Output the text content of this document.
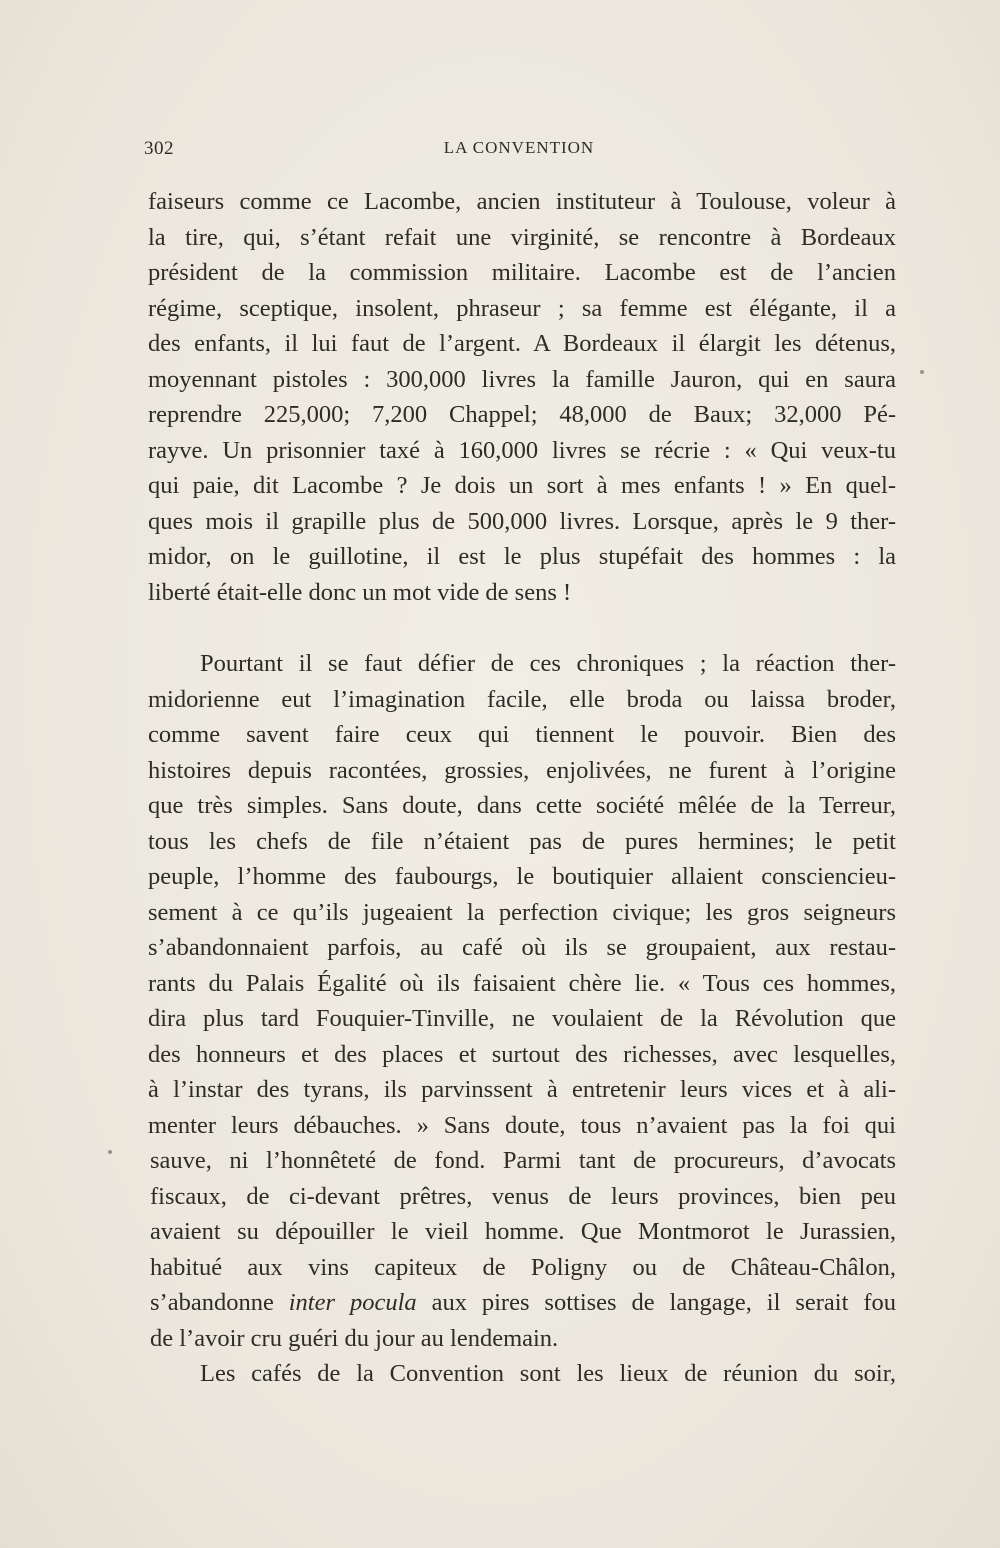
302	LA CONVENTION
faiseurs comme ce Lacombe, ancien instituteur à Toulouse, voleur à
la tire, qui, s’étant refait une virginité, se rencontre à Bordeaux
président de la commission militaire. Lacombe est de l’ancien
régime, sceptique, insolent, phraseur ; sa femme est élégante, il a
des enfants, il lui faut de l’argent. A Bordeaux il élargit les détenus,
moyennant pistoles : 300,000 livres la famille Jauron, qui en saura
reprendre 225,000; 7,200 Chappel; 48,000 de Baux; 32,000 Pé-
rayve. Un prisonnier taxé à 160,000 livres se récrie : « Qui veux-tu
qui paie, dit Lacombe ? Je dois un sort à mes enfants ! » En quel-
ques mois il grapille plus de 500,000 livres. Lorsque, après le 9 ther-
midor, on le guillotine, il est le plus stupéfait des hommes : la
liberté était-elle donc un mot vide de sens !
Pourtant il se faut défier de ces chroniques ; la réaction ther-
midorienne eut l’imagination facile, elle broda ou laissa broder,
comme savent faire ceux qui tiennent le pouvoir. Bien des
histoires depuis racontées, grossies, enjolivées, ne furent à l’origine
que très simples. Sans doute, dans cette société mêlée de la Terreur,
tous les chefs de file n’étaient pas de pures hermines; le petit
peuple, l’homme des faubourgs, le boutiquier allaient consciencieu-
sement à ce qu’ils jugeaient la perfection civique; les gros seigneurs
s’abandonnaient parfois, au café où ils se groupaient, aux restau-
rants du Palais Égalité où ils faisaient chère lie. « Tous ces hommes,
dira plus tard Fouquier-Tinville, ne voulaient de la Révolution que
des honneurs et des places et surtout des richesses, avec lesquelles,
à l’instar des tyrans, ils parvinssent à entretenir leurs vices et à ali-
menter leurs débauches. » Sans doute, tous n’avaient pas la foi qui
sauve, ni l’honnêteté de fond. Parmi tant de procureurs, d’avocats
fiscaux, de ci-devant prêtres, venus de leurs provinces, bien peu
avaient su dépouiller le vieil homme. Que Montmorot le Jurassien,
habitué aux vins capiteux de Poligny ou de Château-Châlon,
s’abandonne inter pocula aux pires sottises de langage, il serait fou
de l’avoir cru guéri du jour au lendemain.
Les cafés de la Convention sont les lieux de réunion du soir,
